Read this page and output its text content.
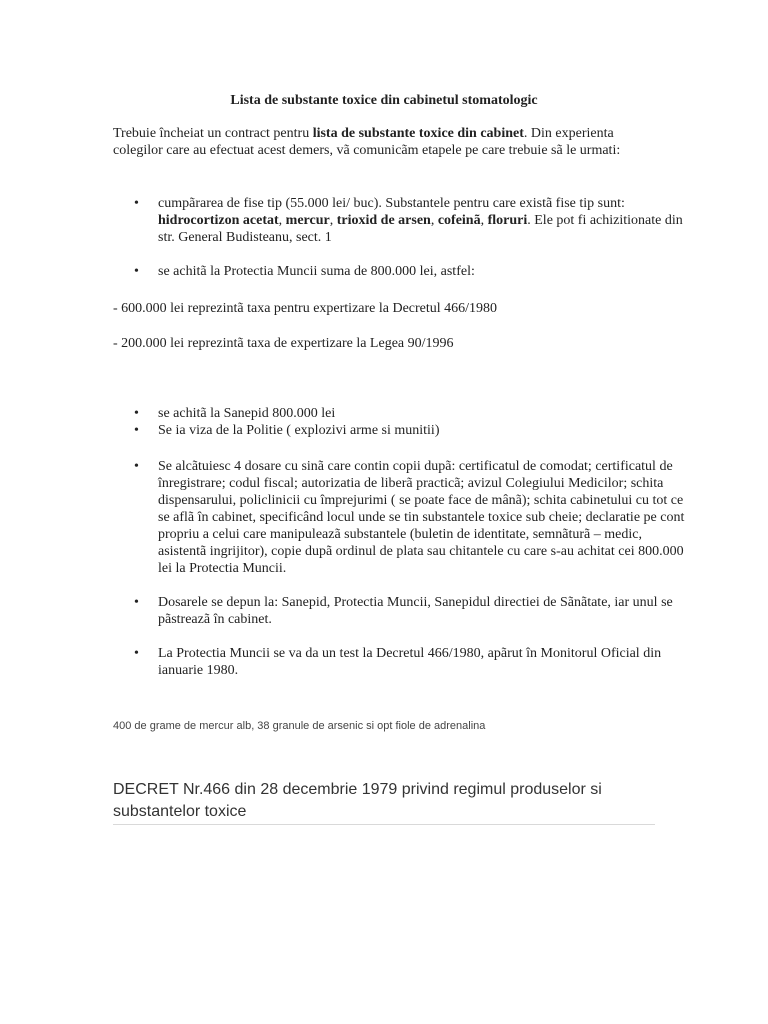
Lista de substante toxice din cabinetul stomatologic

Trebuie încheiat un contract pentru lista de substante toxice din cabinet. Din experienta colegilor care au efectuat acest demers, vã comunicãm etapele pe care trebuie sã le urmati:

• cumpãrarea de fise tip (55.000 lei/ buc). Substantele pentru care existã fise tip sunt: hidrocortizon acetat, mercur, trioxid de arsen, cofeinã, floruri. Ele pot fi achizitionate din str. General Budisteanu, sect. 1
• se achitã la Protectia Muncii suma de 800.000 lei, astfel:

- 600.000 lei reprezintã taxa pentru expertizare la Decretul 466/1980

- 200.000 lei reprezintã taxa de expertizare la Legea 90/1996

• se achitã la Sanepid 800.000 lei
• Se ia viza de la Politie ( explozivi arme si munitii)
• Se alcãtuiesc 4 dosare cu sinã care contin copii dupã: certificatul de comodat; certificatul de înregistrare; codul fiscal; autorizatia de liberã practicã; avizul Colegiului Medicilor; schita dispensarului, policlinicii cu împrejurimi ( se poate face de mânã); schita cabinetului cu tot ce se aflã în cabinet, specificând locul unde se tin substantele toxice sub cheie; declaratie pe cont propriu a celui care manipuleazã substantele (buletin de identitate, semnãturã – medic, asistentã ingrijitor), copie dupã ordinul de plata sau chitantele cu care s-au achitat cei 800.000 lei la Protectia Muncii.
• Dosarele se depun la: Sanepid, Protectia Muncii, Sanepidul directiei de Sãnãtate, iar unul se pãstreazã în cabinet.
• La Protectia Muncii se va da un test la Decretul 466/1980, apãrut în Monitorul Oficial din ianuarie 1980.
400 de grame de mercur alb, 38 granule de arsenic si opt fiole de adrenalina
DECRET Nr.466 din 28 decembrie 1979 privind regimul produselor si substantelor toxice
